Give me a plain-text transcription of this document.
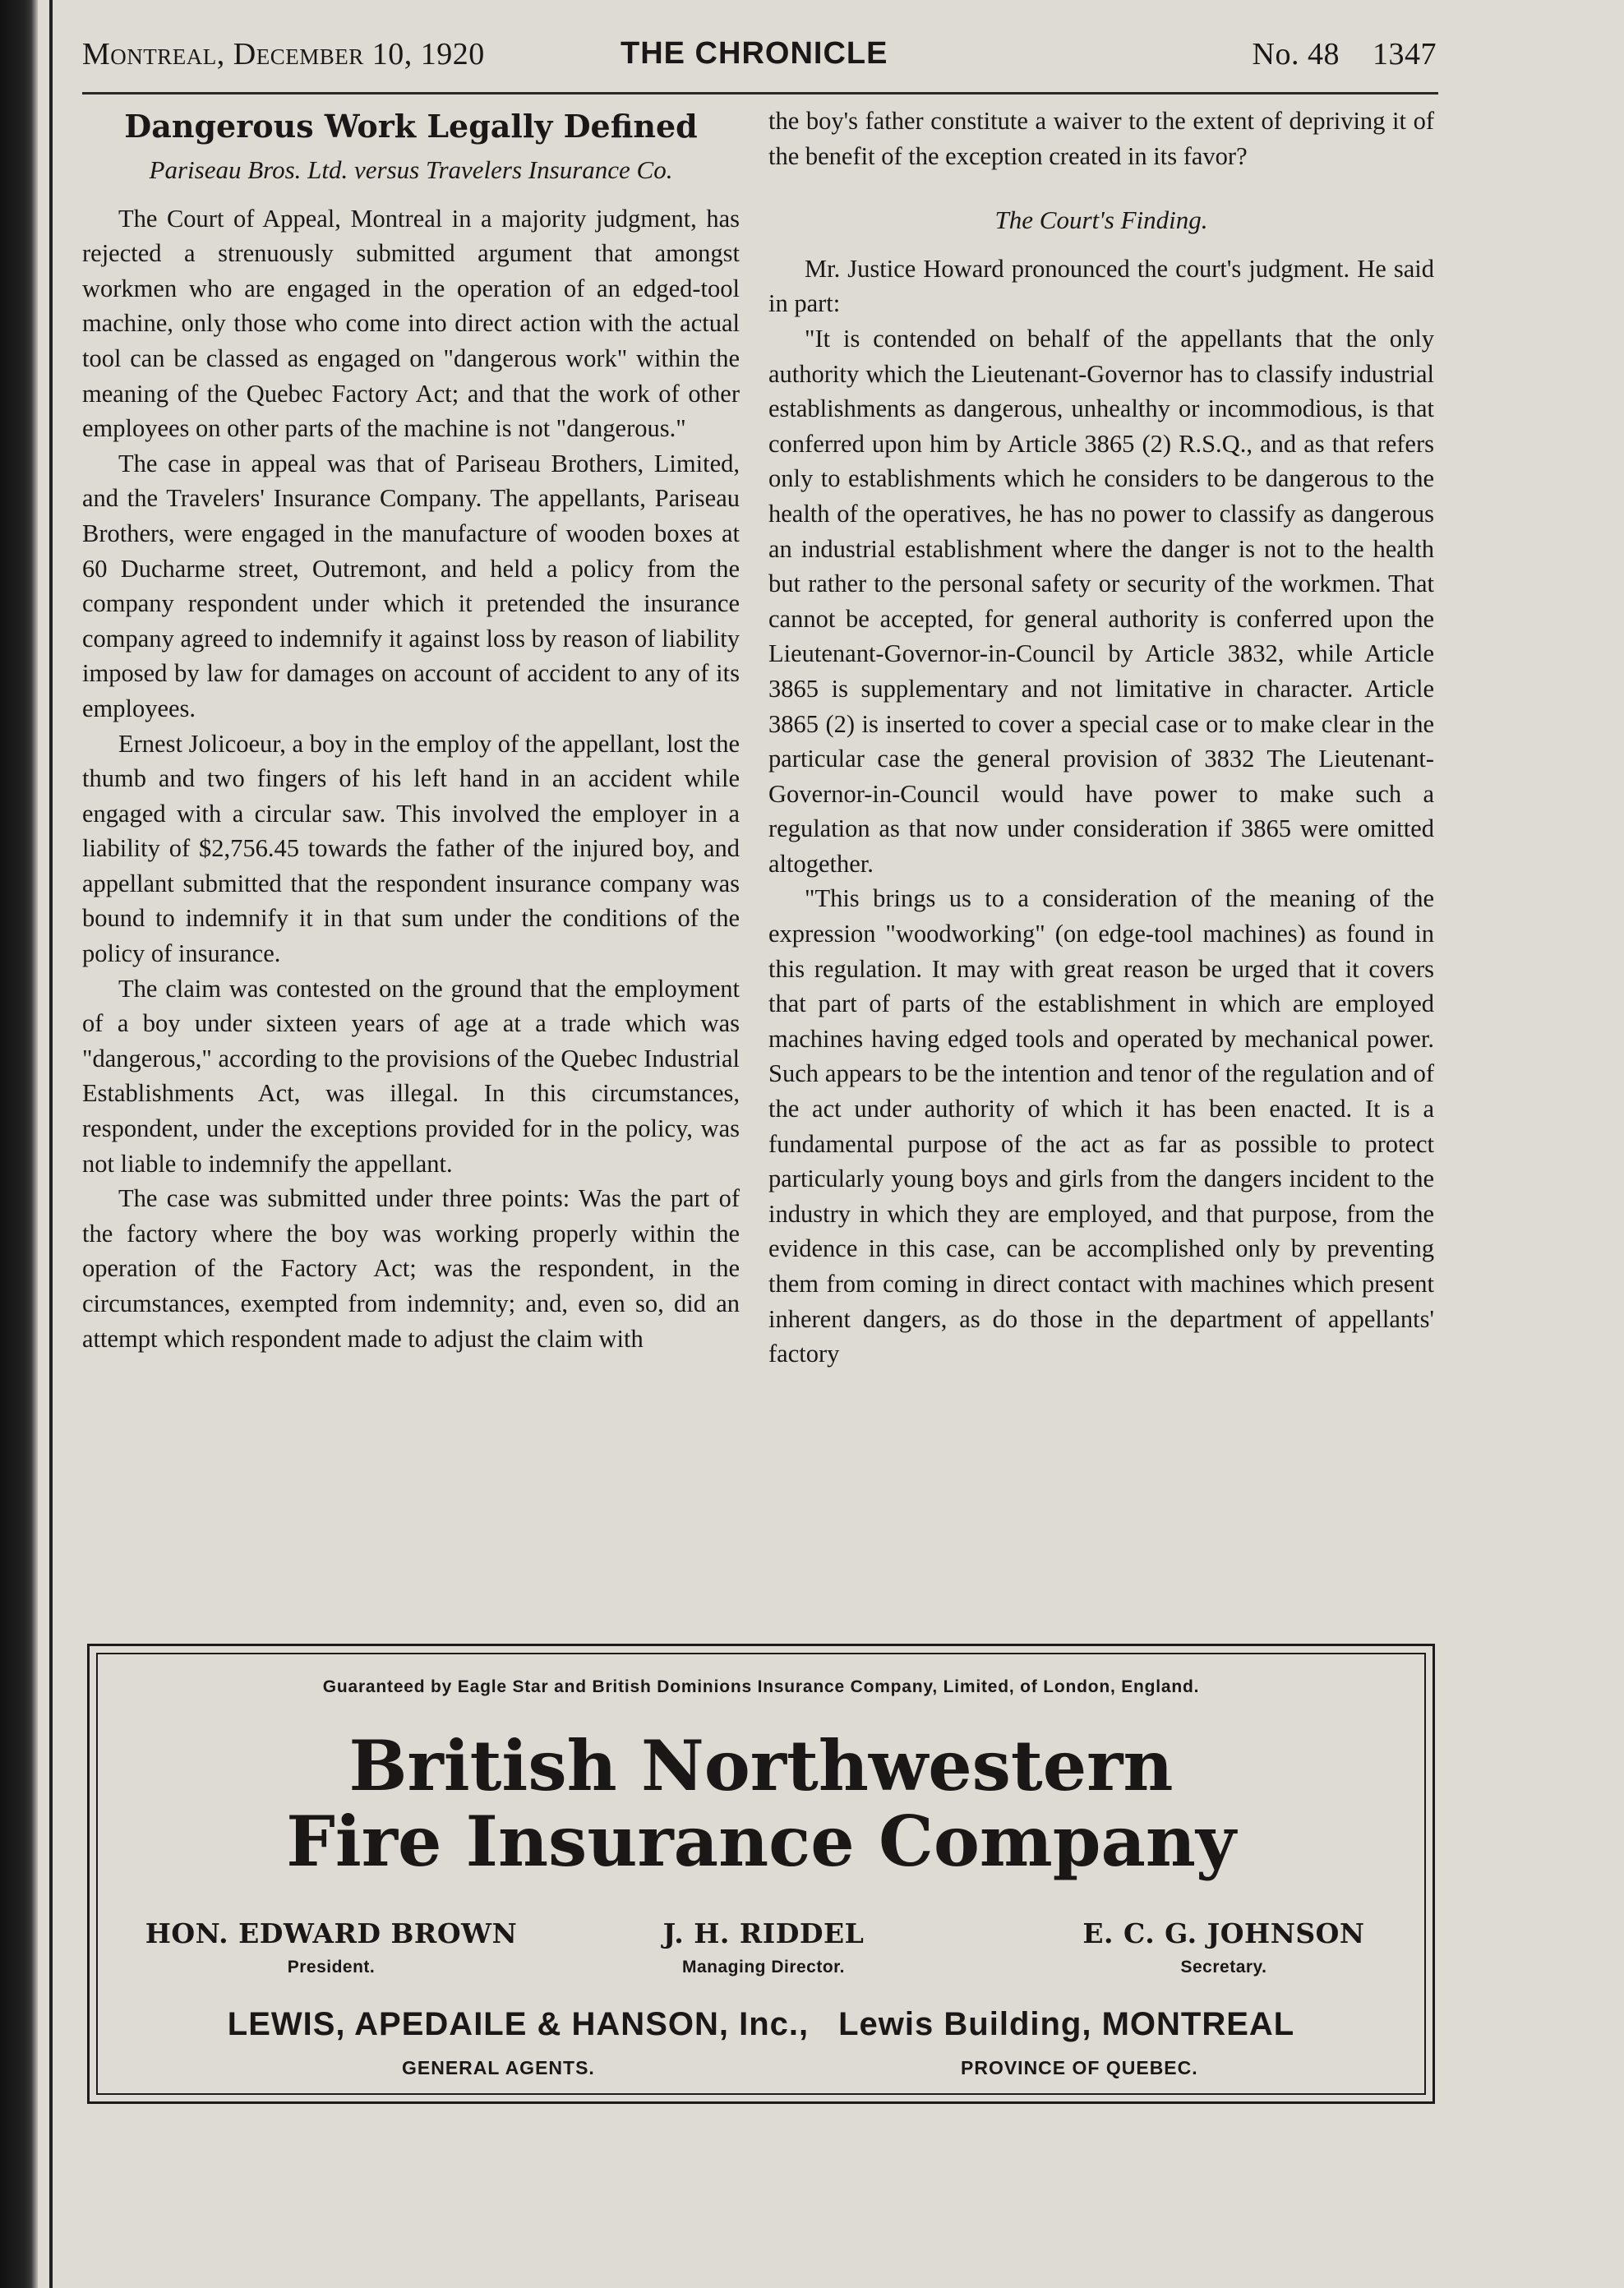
Montreal, December 10, 1920	THE CHRONICLE	No. 48 1347
Dangerous Work Legally Defined
Pariseau Bros. Ltd. versus Travelers Insurance Co.

The Court of Appeal, Montreal in a majority judgment, has rejected a strenuously submitted argument that amongst workmen who are engaged in the operation of an edged-tool machine, only those who come into direct action with the actual tool can be classed as engaged on "dangerous work" within the meaning of the Quebec Factory Act; and that the work of other employees on other parts of the machine is not "dangerous."

The case in appeal was that of Pariseau Brothers, Limited, and the Travelers' Insurance Company. The appellants, Pariseau Brothers, were engaged in the manufacture of wooden boxes at 60 Ducharme street, Outremont, and held a policy from the company respondent under which it pretended the insurance company agreed to indemnify it against loss by reason of liability imposed by law for damages on account of accident to any of its employees.

Ernest Jolicoeur, a boy in the employ of the appellant, lost the thumb and two fingers of his left hand in an accident while engaged with a circular saw. This involved the employer in a liability of $2,756.45 towards the father of the injured boy, and appellant submitted that the respondent insurance company was bound to indemnify it in that sum under the conditions of the policy of insurance.

The claim was contested on the ground that the employment of a boy under sixteen years of age at a trade which was "dangerous," according to the provisions of the Quebec Industrial Establishments Act, was illegal. In this circumstances, respondent, under the exceptions provided for in the policy, was not liable to indemnify the appellant.

The case was submitted under three points: Was the part of the factory where the boy was working properly within the operation of the Factory Act; was the respondent, in the circumstances, exempted from indemnity; and, even so, did an attempt which respondent made to adjust the claim with

the boy's father constitute a waiver to the extent of depriving it of the benefit of the exception created in its favor?

The Court's Finding.

Mr. Justice Howard pronounced the court's judgment. He said in part:

"It is contended on behalf of the appellants that the only authority which the Lieutenant-Governor has to classify industrial establishments as dangerous, unhealthy or incommodious, is that conferred upon him by Article 3865 (2) R.S.Q., and as that refers only to establishments which he considers to be dangerous to the health of the operatives, he has no power to classify as dangerous an industrial establishment where the danger is not to the health but rather to the personal safety or security of the workmen. That cannot be accepted, for general authority is conferred upon the Lieutenant-Governor-in-Council by Article 3832, while Article 3865 is supplementary and not limitative in character. Article 3865 (2) is inserted to cover a special case or to make clear in the particular case the general provision of 3832 The Lieutenant-Governor-in-Council would have power to make such a regulation as that now under consideration if 3865 were omitted altogether.

"This brings us to a consideration of the meaning of the expression "woodworking" (on edge-tool machines) as found in this regulation. It may with great reason be urged that it covers that part of parts of the establishment in which are employed machines having edged tools and operated by mechanical power. Such appears to be the intention and tenor of the regulation and of the act under authority of which it has been enacted. It is a fundamental purpose of the act as far as possible to protect particularly young boys and girls from the dangers incident to the industry in which they are employed, and that purpose, from the evidence in this case, can be accomplished only by preventing them from coming in direct contact with machines which present inherent dangers, as do those in the department of appellants' factory

Guaranteed by Eagle Star and British Dominions Insurance Company, Limited, of London, England.
British Northwestern
Fire Insurance Company
HON. EDWARD BROWN
President.
J. H. RIDDEL
Managing Director.
E. C. G. JOHNSON
Secretary.
LEWIS, APEDAILE & HANSON, Inc., Lewis Building, MONTREAL
GENERAL AGENTS.	PROVINCE OF QUEBEC.
